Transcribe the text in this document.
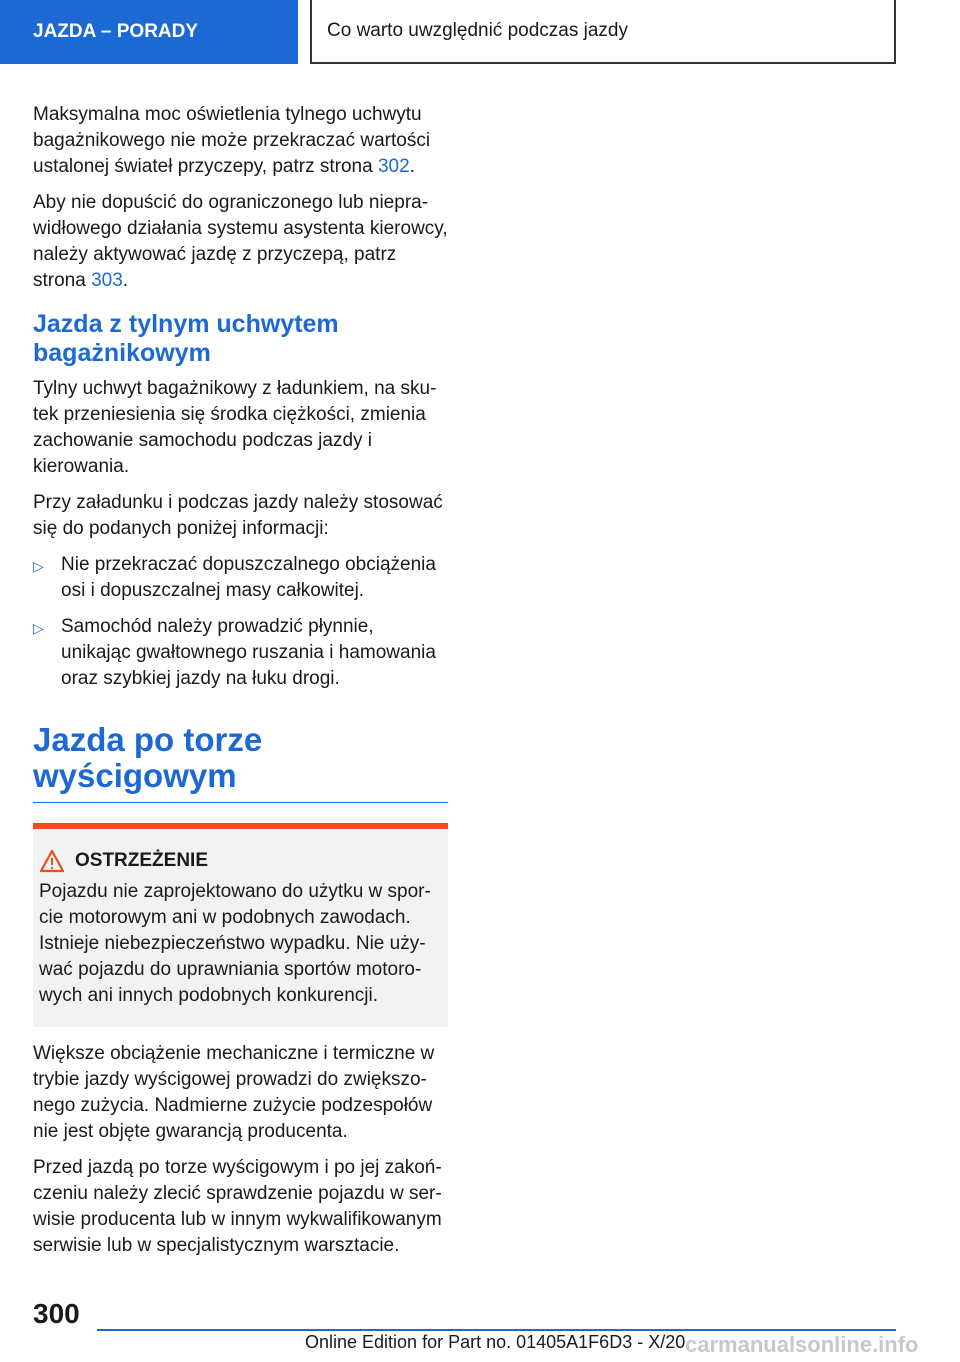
JAZDA – PORADY	Co warto uwzględnić podczas jazdy

Maksymalna moc oświetlenia tylnego uchwytu bagażnikowego nie może przekraczać wartości ustalonej świateł przyczepy, patrz strona 302.

Aby nie dopuścić do ograniczonego lub nieprawidłowego działania systemu asystenta kierowcy, należy aktywować jazdę z przyczepą, patrz strona 303.

Jazda z tylnym uchwytem bagażnikowym

Tylny uchwyt bagażnikowy z ładunkiem, na skutek przeniesienia się środka ciężkości, zmienia zachowanie samochodu podczas jazdy i kierowania.

Przy załadunku i podczas jazdy należy stosować się do podanych poniżej informacji:

▷ Nie przekraczać dopuszczalnego obciążenia osi i dopuszczalnej masy całkowitej.
▷ Samochód należy prowadzić płynnie, unikając gwałtownego ruszania i hamowania oraz szybkiej jazdy na łuku drogi.
Jazda po torze wyścigowym
OSTRZEŻENIE

Pojazdu nie zaprojektowano do użytku w sporcie motorowym ani w podobnych zawodach. Istnieje niebezpieczeństwo wypadku. Nie używać pojazdu do uprawniania sportów motorowych ani innych podobnych konkurencji.

Większe obciążenie mechaniczne i termiczne w trybie jazdy wyścigowej prowadzi do zwiększonego zużycia. Nadmierne zużycie podzespołów nie jest objęte gwarancją producenta.

Przed jazdą po torze wyścigowym i po jej zakończeniu należy zlecić sprawdzenie pojazdu w serwisie producenta lub w innym wykwalifikowanym serwisie lub w specjalistycznym warsztacie.

300
Online Edition for Part no. 01405A1F6D3 - X/20 carmanualsonline.info
